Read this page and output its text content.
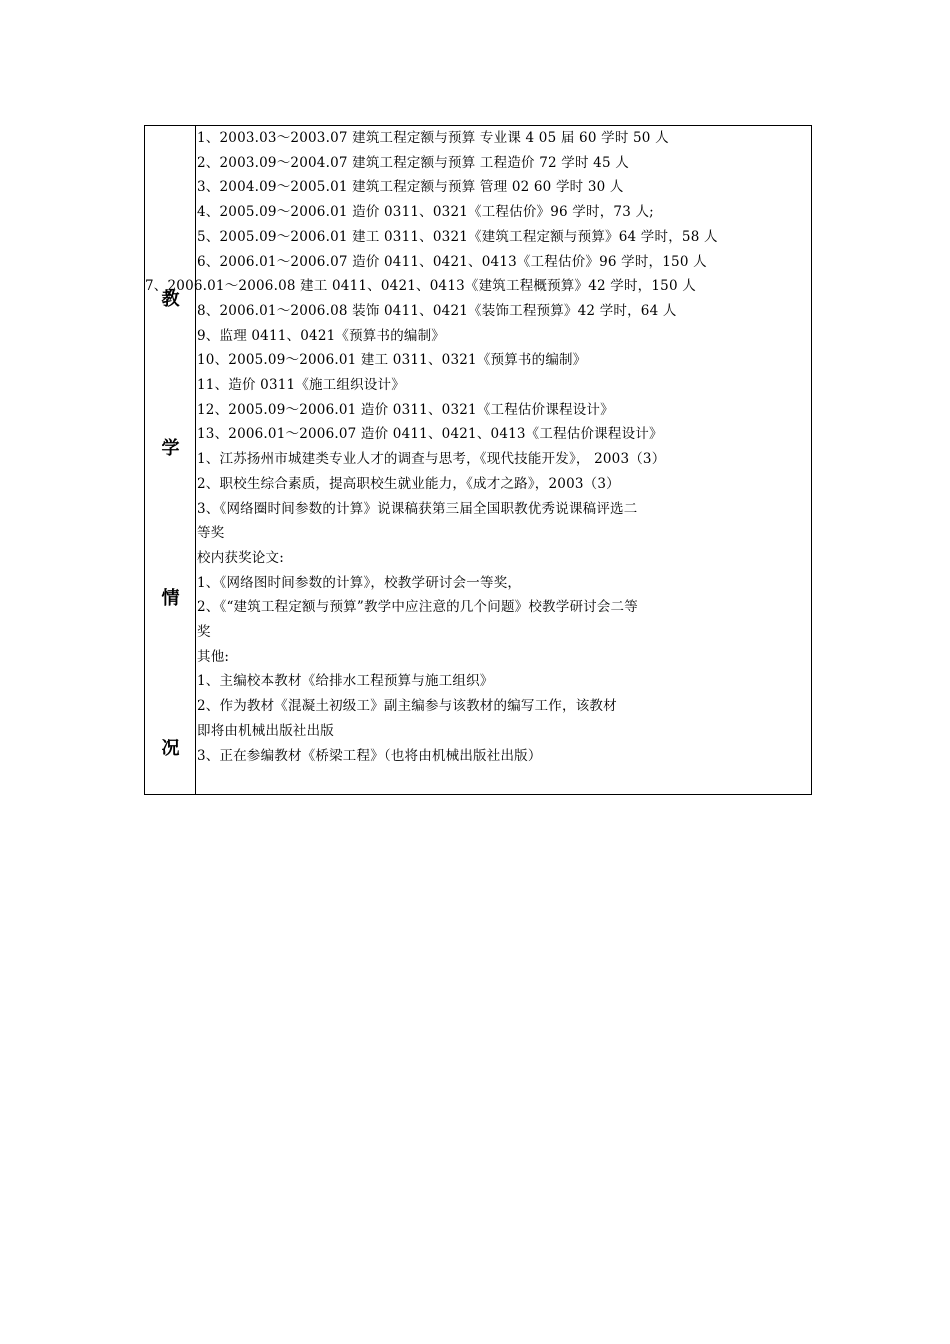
教
学
情
况
1、2003.03～2003.07 建筑工程定额与预算 专业课 4 05 届 60 学时 50 人
2、2003.09～2004.07 建筑工程定额与预算 工程造价 72 学时 45 人
3、2004.09～2005.01 建筑工程定额与预算 管理 02 60 学时 30 人
4、2005.09～2006.01 造价 0311、0321《工程估价》96 学时，73 人;
5、2005.09～2006.01 建工 0311、0321《建筑工程定额与预算》64 学时，58 人
6、2006.01～2006.07 造价 0411、0421、0413《工程估价》96 学时，150 人
7、2006.01～2006.08 建工 0411、0421、0413《建筑工程概预算》42 学时，150 人
8、2006.01～2006.08 装饰 0411、0421《装饰工程预算》42 学时，64 人
9、监理 0411、0421《预算书的编制》
10、2005.09～2006.01 建工 0311、0321《预算书的编制》
11、造价 0311《施工组织设计》
12、2005.09～2006.01 造价 0311、0321《工程估价课程设计》
13、2006.01～2006.07 造价 0411、0421、0413《工程估价课程设计》
1、江苏扬州市城建类专业人才的调查与思考，《现代技能开发》， 2003（3）
2、职校生综合素质，提高职校生就业能力，《成才之路》，2003（3）
3、《网络圈时间参数的计算》说课稿获第三届全国职教优秀说课稿评选二
等奖
校内获奖论文:
1、《网络图时间参数的计算》，校教学研讨会一等奖，
2、《“建筑工程定额与预算”教学中应注意的几个问题》校教学研讨会二等
奖
其他:
1、主编校本教材《给排水工程预算与施工组织》
2、作为教材《混凝土初级工》副主编参与该教材的编写工作，该教材
即将由机械出版社出版
3、正在参编教材《桥梁工程》（也将由机械出版社出版）
